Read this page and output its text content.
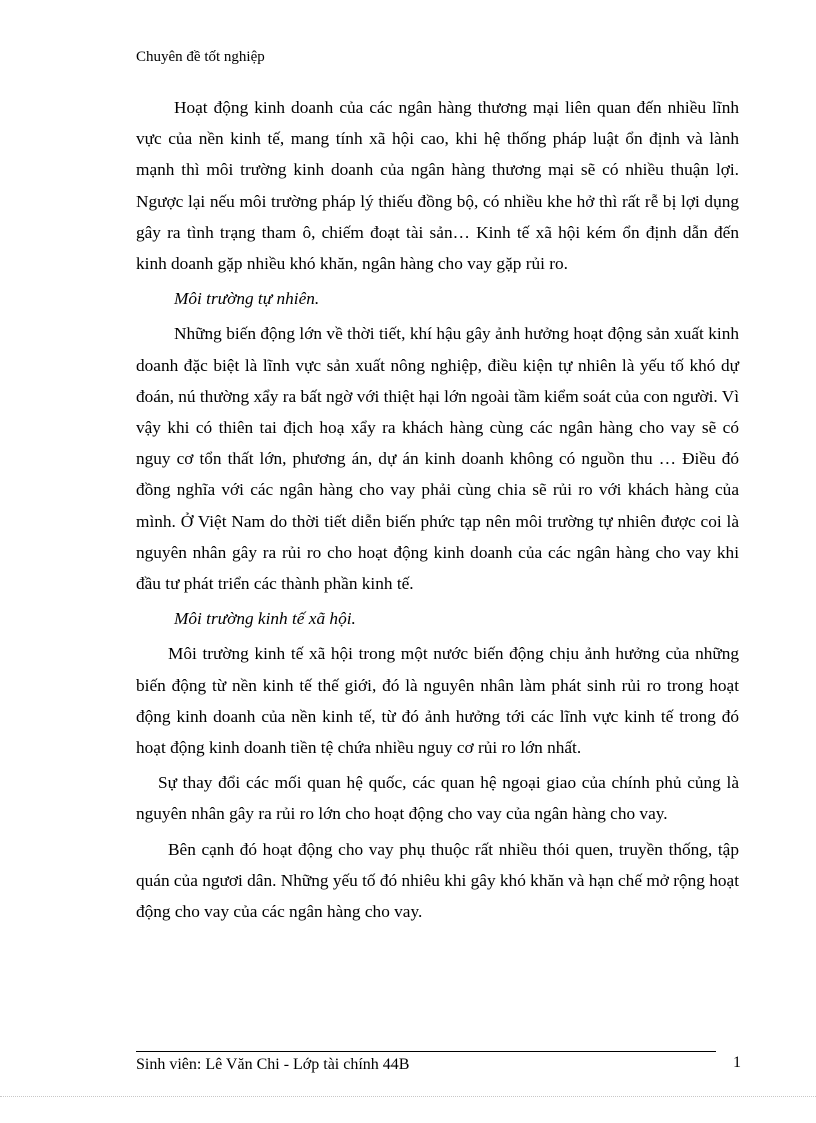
Chuyên đề tốt nghiệp

Hoạt động kinh doanh của các ngân hàng thương mại liên quan đến nhiều lĩnh vực của nền kinh tế, mang tính xã hội cao, khi hệ thống pháp luật ổn định và lành mạnh thì môi trường kinh doanh của ngân hàng thương mại sẽ có nhiều thuận lợi. Ngược lại nếu môi trường pháp lý thiếu đồng bộ, có nhiều khe hở thì rất rễ bị lợi dụng gây ra tình trạng tham ô, chiếm đoạt tài sản… Kinh tế xã hội kém ổn định dẫn đến kinh doanh gặp nhiều khó khăn, ngân hàng cho vay gặp rủi ro.

Môi trường tự nhiên.

Những biến động lớn về thời tiết, khí hậu gây ảnh hưởng hoạt động sản xuất kinh doanh đặc biệt là lĩnh vực sản xuất nông nghiệp, điều kiện tự nhiên là yếu tố khó dự đoán, nú thường xẩy ra bất ngờ với thiệt hại lớn ngoài tầm kiểm soát của con người. Vì vậy khi có thiên tai địch hoạ xẩy ra khách hàng cùng các ngân hàng cho vay sẽ có nguy cơ tổn thất lớn, phương án, dự án kinh doanh không có nguồn thu … Điều đó đồng nghĩa với các ngân hàng cho vay phải cùng chia sẽ rủi ro với khách hàng của mình. Ở Việt Nam do thời tiết diễn biến phức tạp nên môi trường tự nhiên được coi là nguyên nhân gây ra rủi ro cho hoạt động kinh doanh của các ngân hàng cho vay khi đầu tư phát triển các thành phần kinh tế.

Môi trường kinh tế xã hội.

Môi trường kinh tế xã hội trong một nước biến động chịu ảnh hưởng của những biến động từ nền kinh tế thế giới, đó là nguyên nhân làm phát sinh rủi ro trong hoạt động kinh doanh của nền kinh tế, từ đó ảnh hưởng tới các lĩnh vực kinh tế trong đó hoạt động kinh doanh tiền tệ chứa nhiều nguy cơ rủi ro lớn nhất.

Sự thay đổi các mối quan hệ quốc, các quan hệ ngoại giao của chính phủ củng là nguyên nhân gây ra rủi ro lớn cho hoạt động cho vay của ngân hàng cho vay.

Bên cạnh đó hoạt động cho vay phụ thuộc rất nhiều thói quen, truyền thống, tập quán của ngươi dân. Những yếu tố đó nhiêu khi gây khó khăn và hạn chế mở rộng hoạt động cho vay của các ngân hàng cho vay.

Sinh viên: Lê Văn Chi - Lớp tài chính 44B	1
